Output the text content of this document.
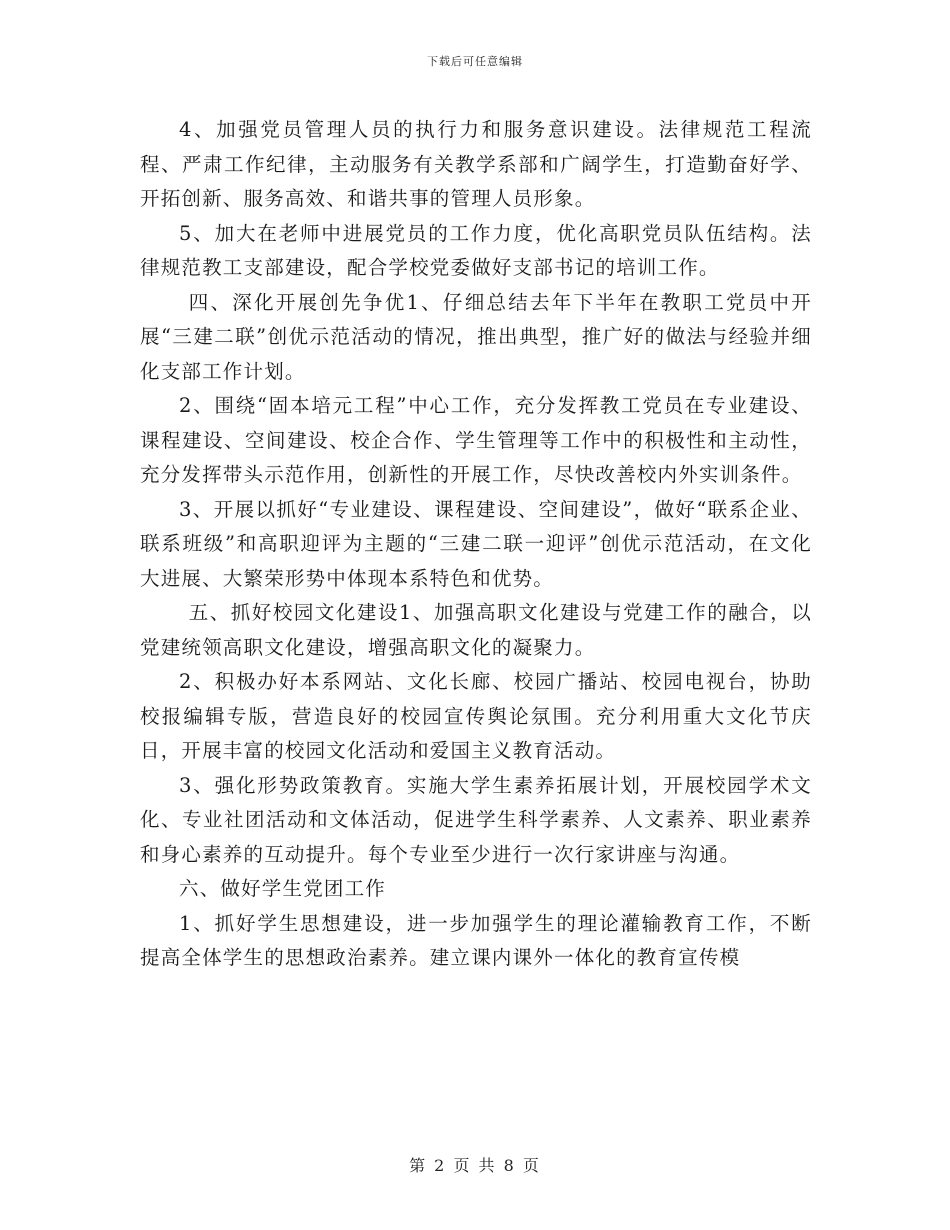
下载后可任意编辑

4、加强党员管理人员的执行力和服务意识建设。法律规范工程流程、严肃工作纪律，主动服务有关教学系部和广阔学生，打造勤奋好学、开拓创新、服务高效、和谐共事的管理人员形象。

5、加大在老师中进展党员的工作力度，优化高职党员队伍结构。法律规范教工支部建设，配合学校党委做好支部书记的培训工作。

四、深化开展创先争优1、仔细总结去年下半年在教职工党员中开展“三建二联”创优示范活动的情况，推出典型，推广好的做法与经验并细化支部工作计划。

2、围绕“固本培元工程”中心工作，充分发挥教工党员在专业建设、课程建设、空间建设、校企合作、学生管理等工作中的积极性和主动性，充分发挥带头示范作用，创新性的开展工作，尽快改善校内外实训条件。

3、开展以抓好“专业建设、课程建设、空间建设”，做好“联系企业、联系班级”和高职迎评为主题的“三建二联一迎评”创优示范活动，在文化大进展、大繁荣形势中体现本系特色和优势。

五、抓好校园文化建设1、加强高职文化建设与党建工作的融合，以党建统领高职文化建设，增强高职文化的凝聚力。

2、积极办好本系网站、文化长廊、校园广播站、校园电视台，协助校报编辑专版，营造良好的校园宣传舆论氛围。充分利用重大文化节庆日，开展丰富的校园文化活动和爱国主义教育活动。

3、强化形势政策教育。实施大学生素养拓展计划，开展校园学术文化、专业社团活动和文体活动，促进学生科学素养、人文素养、职业素养和身心素养的互动提升。每个专业至少进行一次行家讲座与沟通。

六、做好学生党团工作

1、抓好学生思想建设，进一步加强学生的理论灌输教育工作，不断提高全体学生的思想政治素养。建立课内课外一体化的教育宣传模

第 2 页 共 8 页
